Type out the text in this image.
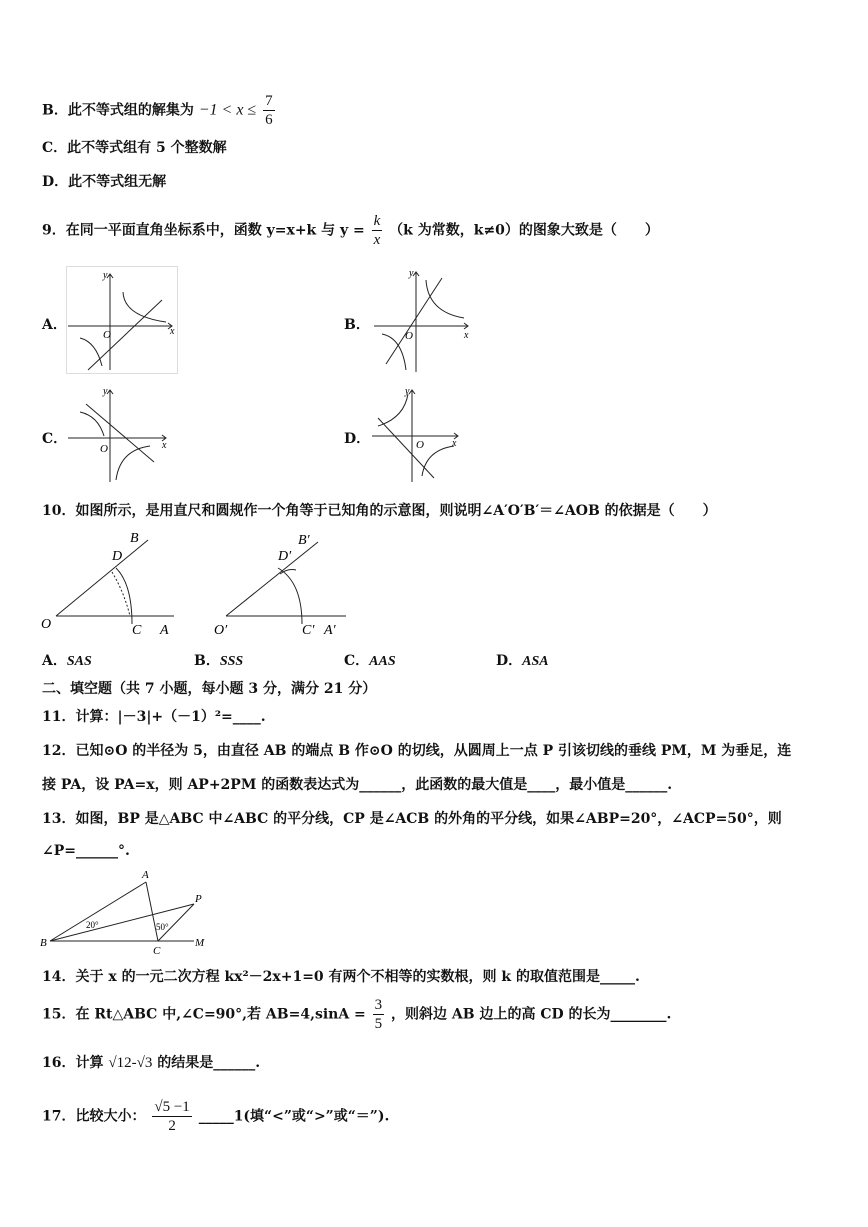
B．此不等式组的解集为 $-1 < x \le \frac{7}{6}$
C．此不等式组有 5 个整数解
D．此不等式组无解
9．在同一平面直角坐标系中，函数 y=x+k 与 $y = \frac{k}{x} (k$ 为常数，k≠0）的图象大致是（　　）
A．	B．
C．	D．
x
y
O	x
y
O
x
y
O	x
y
O
10．如图所示，是用直尺和圆规作一个角等于已知角的示意图，则说明∠A′O′B′＝∠AOB 的依据是（　　）
O	C A
D
B
O′	C′ A′
D′
B′
A．SAS	B．SSS	C．AAS	D．ASA
二、填空题（共 7 小题，每小题 3 分，满分 21 分）
11．计算：|－3|+（－1）²=____.
12．已知⊙O 的半径为 5，由直径 AB 的端点 B 作⊙O 的切线，从圆周上一点 P 引该切线的垂线 PM，M 为垂足，连
接 PA，设 PA=x，则 AP+2PM 的函数表达式为______，此函数的最大值是____，最小值是______.
13．如图，BP 是△ABC 中∠ABC 的平分线，CP 是∠ACB 的外角的平分线，如果∠ABP=20°，∠ACP=50°，则
∠P=______°.
A
B
C
P
M
20°	50°
14．关于 x 的一元二次方程 kx²－2x+1=0 有两个不相等的实数根，则 k 的取值范围是_____.
15．在 Rt△ABC 中,∠C=90°,若 $AB=4,\sin A = \frac{3}{5}$ ，则斜边 AB 边上的高 CD 的长为________.
16．计算 √12-√3 的结果是______.
17．比较大小： $\frac{√5 -1}{2}$ _____1(填“<”或“>”或“＝”).
